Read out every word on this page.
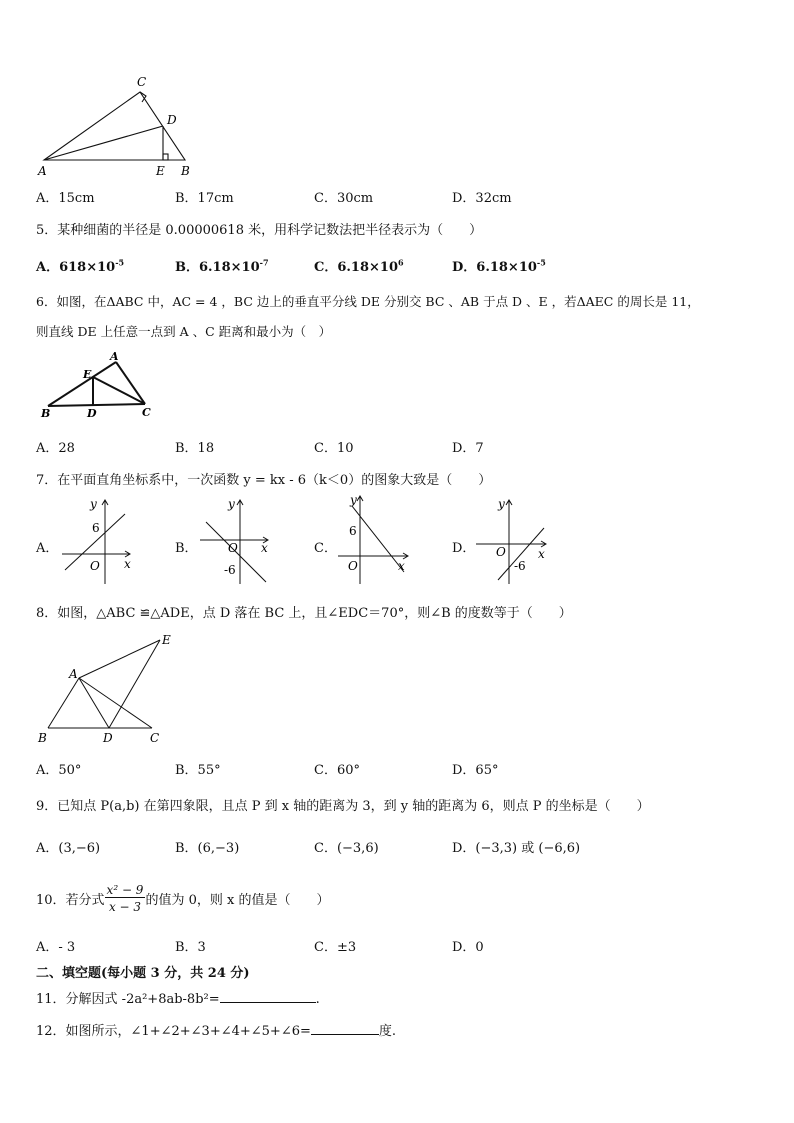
C
D
A	E B
A．15cm	B．17cm	C．30cm	D．32cm
5．某种细菌的半径是 0.00000618 米，用科学记数法把半径表示为（　　）
A．$618\times 10^{-5}$	B．$6.18\times 10^{-7}$	C．$6.18\times 10^6$	D．$6.18\times 10^{-5}$
6．如图，在ΔABC 中，AC = 4 ，BC 边上的垂直平分线 DE 分别交 BC 、AB 于点 D 、E ，若ΔAEC 的周长是 11，
则直线 DE 上任意一点到 A 、C 距离和最小为（　）
A
E
B	D	C
A．28	B．18	C．10	D．7
7．在平面直角坐标系中，一次函数 y = kx - 6（k＜0）的图象大致是（　　）
A．	B．	C．	D．
y
6
O x
y
O x
-6
y
6
O	x
y
O	x
-6
8．如图，△ABC ≌△ADE，点 D 落在 BC 上，且∠EDC＝70°，则∠B 的度数等于（　　）
E
A
B	D	C
A．50°	B．55°	C．60°	D．65°
9．已知点 P(a,b) 在第四象限，且点 P 到 x 轴的距离为 3，到 y 轴的距离为 6，则点 P 的坐标是（　　）
A．(3,−6)	B．(6,−3)	C．(−3,6)	D．(−3,3) 或 (−6,6)
10．若分式 $\frac{\text{x² − 9}}{x - 3}$ 的值为 0，则 x 的值是（　　）
A．- 3	B．3	C．±3	D．0
二、填空题(每小题 3 分，共 24 分)
11．分解因式 -2a²+8ab-8b²=	.
12．如图所示，∠1+∠2+∠3+∠4+∠5+∠6=	度.
